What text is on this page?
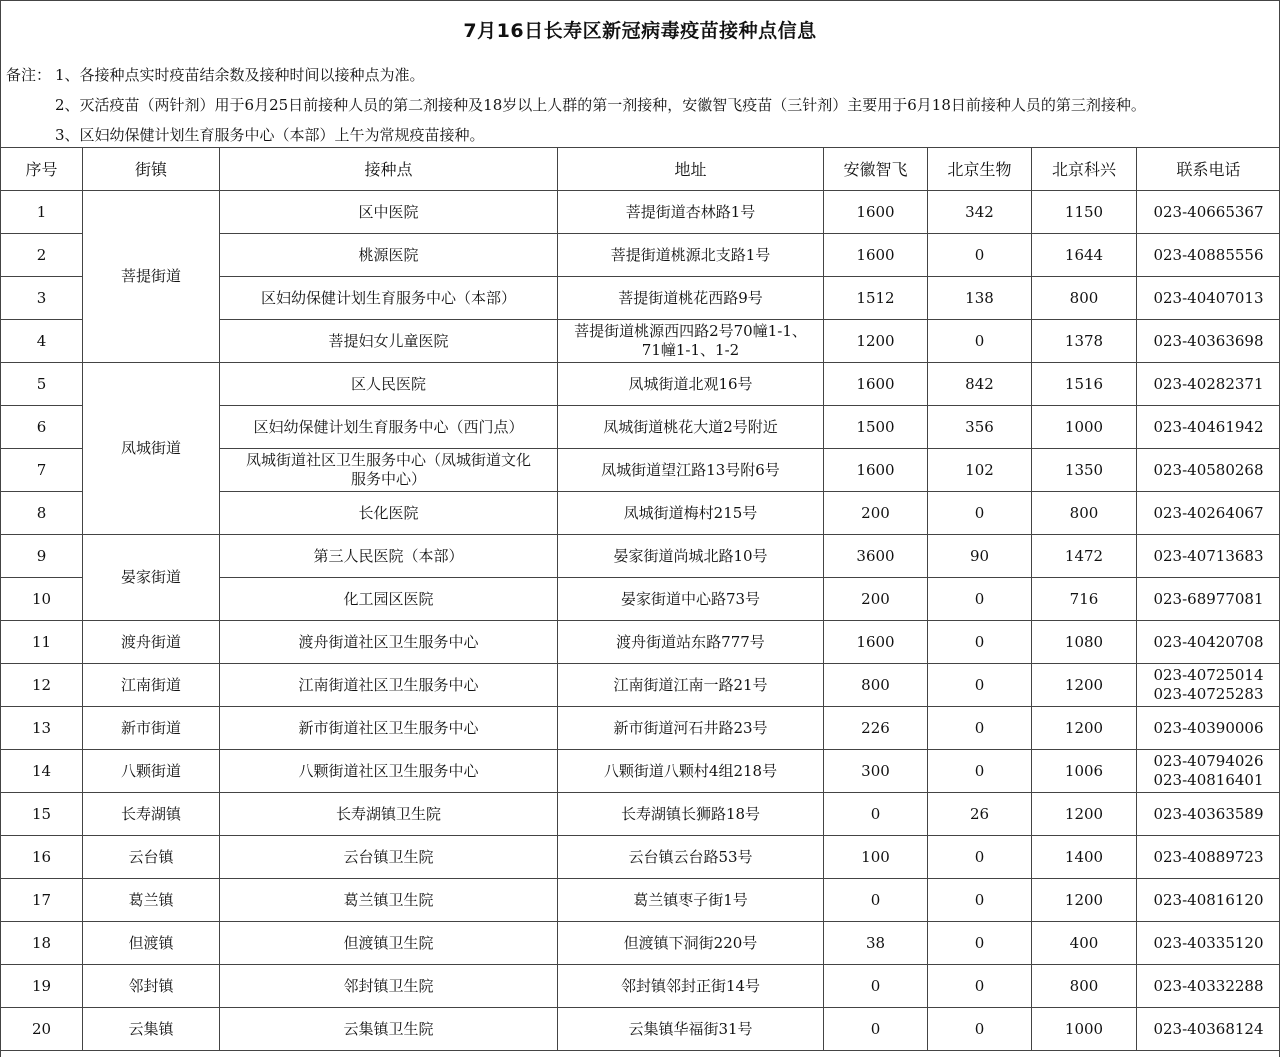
7月16日长寿区新冠病毒疫苗接种点信息
备注： 1、各接种点实时疫苗结余数及接种时间以接种点为准。
2、灭活疫苗（两针剂）用于6月25日前接种人员的第二剂接种及18岁以上人群的第一剂接种，安徽智飞疫苗（三针剂）主要用于6月18日前接种人员的第三剂接种。
3、区妇幼保健计划生育服务中心（本部）上午为常规疫苗接种。
序号	街镇	接种点	地址	安徽智飞	北京生物	北京科兴	联系电话
1	菩提街道	区中医院	菩提街道杏林路1号	1600	342	1150	023-40665367

2		桃源医院	菩提街道桃源北支路1号	1600	0	1644	023-40885556

3		区妇幼保健计划生育服务中心（本部）	菩提街道桃花西路9号	1512	138	800	023-40407013

4		菩提妇女儿童医院	菩提街道桃源西四路2号70幢1-1、
71幢1-1、1-2	1200	0	1378	023-40363698

5	凤城街道	区人民医院	凤城街道北观16号	1600	842	1516	023-40282371

6		区妇幼保健计划生育服务中心（西门点）	凤城街道桃花大道2号附近	1500	356	1000	023-40461942

7		凤城街道社区卫生服务中心（凤城街道文化
服务中心）	凤城街道望江路13号附6号	1600	102	1350	023-40580268

8		长化医院	凤城街道梅村215号	200	0	800	023-40264067

9	晏家街道	第三人民医院（本部）	晏家街道尚城北路10号	3600	90	1472	023-40713683

10		化工园区医院	晏家街道中心路73号	200	0	716	023-68977081

11	渡舟街道	渡舟街道社区卫生服务中心	渡舟街道站东路777号	1600	0	1080	023-40420708

12	江南街道	江南街道社区卫生服务中心	江南街道江南一路21号	800	0	1200	023-40725014
023-40725283

13	新市街道	新市街道社区卫生服务中心	新市街道河石井路23号	226	0	1200	023-40390006

14	八颗街道	八颗街道社区卫生服务中心	八颗街道八颗村4组218号	300	0	1006	023-40794026
023-40816401

15	长寿湖镇	长寿湖镇卫生院	长寿湖镇长狮路18号	0	26	1200	023-40363589

16	云台镇	云台镇卫生院	云台镇云台路53号	100	0	1400	023-40889723

17	葛兰镇	葛兰镇卫生院	葛兰镇枣子街1号	0	0	1200	023-40816120

18	但渡镇	但渡镇卫生院	但渡镇下洞街220号	38	0	400	023-40335120

19	邻封镇	邻封镇卫生院	邻封镇邻封正街14号	0	0	800	023-40332288

20	云集镇	云集镇卫生院	云集镇华福街31号	0	0	1000	023-40368124
